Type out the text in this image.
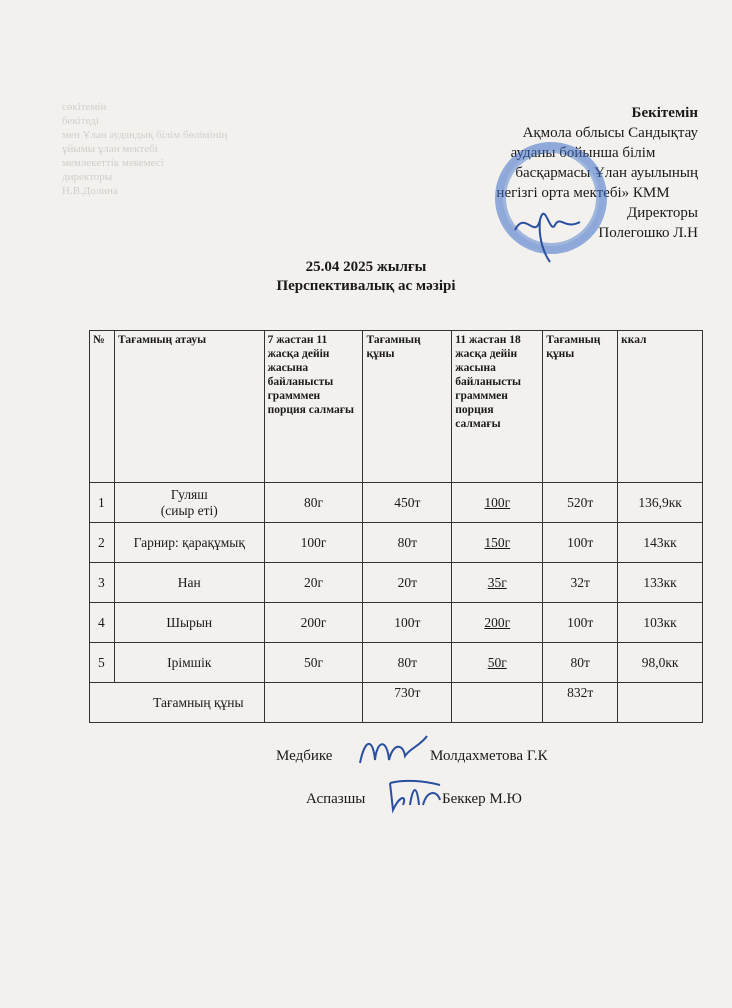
сөкітемін
бекітеді
мен Ұлан аудандық білім бөлімінің
ұйымы ұлан мектебі
мемлекеттік мекемесі
директоры
Н.В.Долина
Бекітемін
Ақмола облысы Сандықтау
ауданы бойынша білім
басқармасы Ұлан ауылының
негізгі орта мектебі» КММ
Директоры
Полегошко Л.Н
25.04 2025 жылғы
Перспективалық ас мәзірі
№	Тағамның атауы	7 жастан 11 жасқа дейін жасына байланысты грамммен порция салмағы	Тағамның құны	11 жастан 18 жасқа дейін жасына байланысты грамммен порция салмағы	Тағамның құны	ккал
1	Гуляш
(сиыр еті)	80г	450т	100г	520т	136,9кк
2	Гарнир: қарақұмық	100г	80т	150г	100т	143кк
3	Нан	20г	20т	35г	32т	133кк
4	Шырын	200г	100т	200г	100т	103кк
5	Ірімшік	50г	80т	50г	80т	98,0кк
Тағамның құны			730т		832т	
Медбике	Молдахметова Г.К
Аспазшы	Беккер М.Ю
